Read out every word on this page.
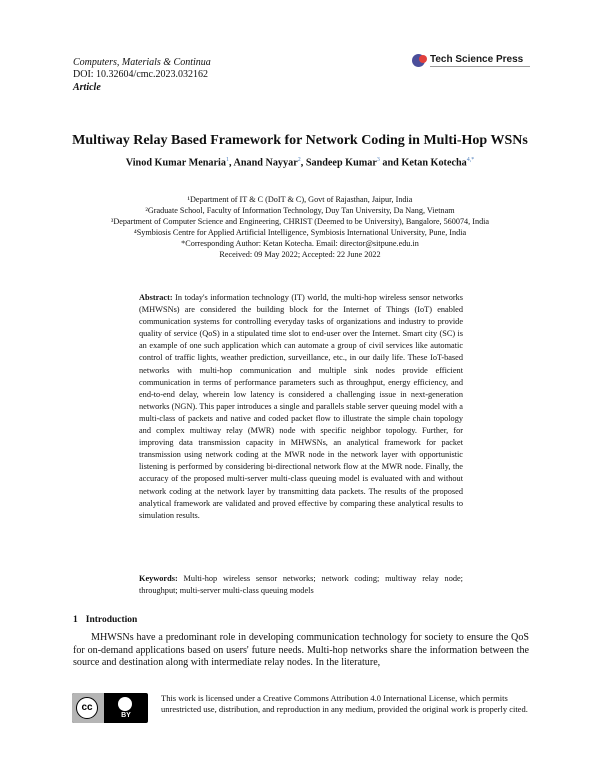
Computers, Materials & Continua
DOI: 10.32604/cmc.2023.032162
Article
Tech Science Press
Multiway Relay Based Framework for Network Coding in Multi-Hop WSNs
Vinod Kumar Menaria$^1$, Anand Nayyar$^2$, Sandeep Kumar$^3$ and Ketan Kotecha$^{4,*}$
¹Department of IT & C (DoIT & C), Govt of Rajasthan, Jaipur, India
²Graduate School, Faculty of Information Technology, Duy Tan University, Da Nang, Vietnam
³Department of Computer Science and Engineering, CHRIST (Deemed to be University), Bangalore, 560074, India
⁴Symbiosis Centre for Applied Artificial Intelligence, Symbiosis International University, Pune, India
*Corresponding Author: Ketan Kotecha. Email: director@sitpune.edu.in
Received: 09 May 2022; Accepted: 22 June 2022
Abstract: In today's information technology (IT) world, the multi-hop wireless sensor networks (MHWSNs) are considered the building block for the Internet of Things (IoT) enabled communication systems for controlling everyday tasks of organizations and industry to provide quality of service (QoS) in a stipulated time slot to end-user over the Internet. Smart city (SC) is an example of one such application which can automate a group of civil services like automatic control of traffic lights, weather prediction, surveillance, etc., in our daily life. These IoT-based networks with multi-hop communication and multiple sink nodes provide efficient communication in terms of performance parameters such as throughput, energy efficiency, and end-to-end delay, wherein low latency is considered a challenging issue in next-generation networks (NGN). This paper introduces a single and parallels stable server queuing model with a multi-class of packets and native and coded packet flow to illustrate the simple chain topology and complex multiway relay (MWR) node with specific neighbor topology. Further, for improving data transmission capacity in MHWSNs, an analytical framework for packet transmission using network coding at the MWR node in the network layer with opportunistic listening is performed by considering bi-directional network flow at the MWR node. Finally, the accuracy of the proposed multi-server multi-class queuing model is evaluated with and without network coding at the network layer by transmitting data packets. The results of the proposed analytical framework are validated and proved effective by comparing these analytical results to simulation results.
Keywords: Multi-hop wireless sensor networks; network coding; multiway relay node; throughput; multi-server multi-class queuing models
1 Introduction
MHWSNs have a predominant role in developing communication technology for society to ensure the QoS for on-demand applications based on users' future needs. Multi-hop networks share the information between the source and destination along with intermediate relay nodes. In the literature,
cc
BY
This work is licensed under a Creative Commons Attribution 4.0 International License, which permits unrestricted use, distribution, and reproduction in any medium, provided the original work is properly cited.
